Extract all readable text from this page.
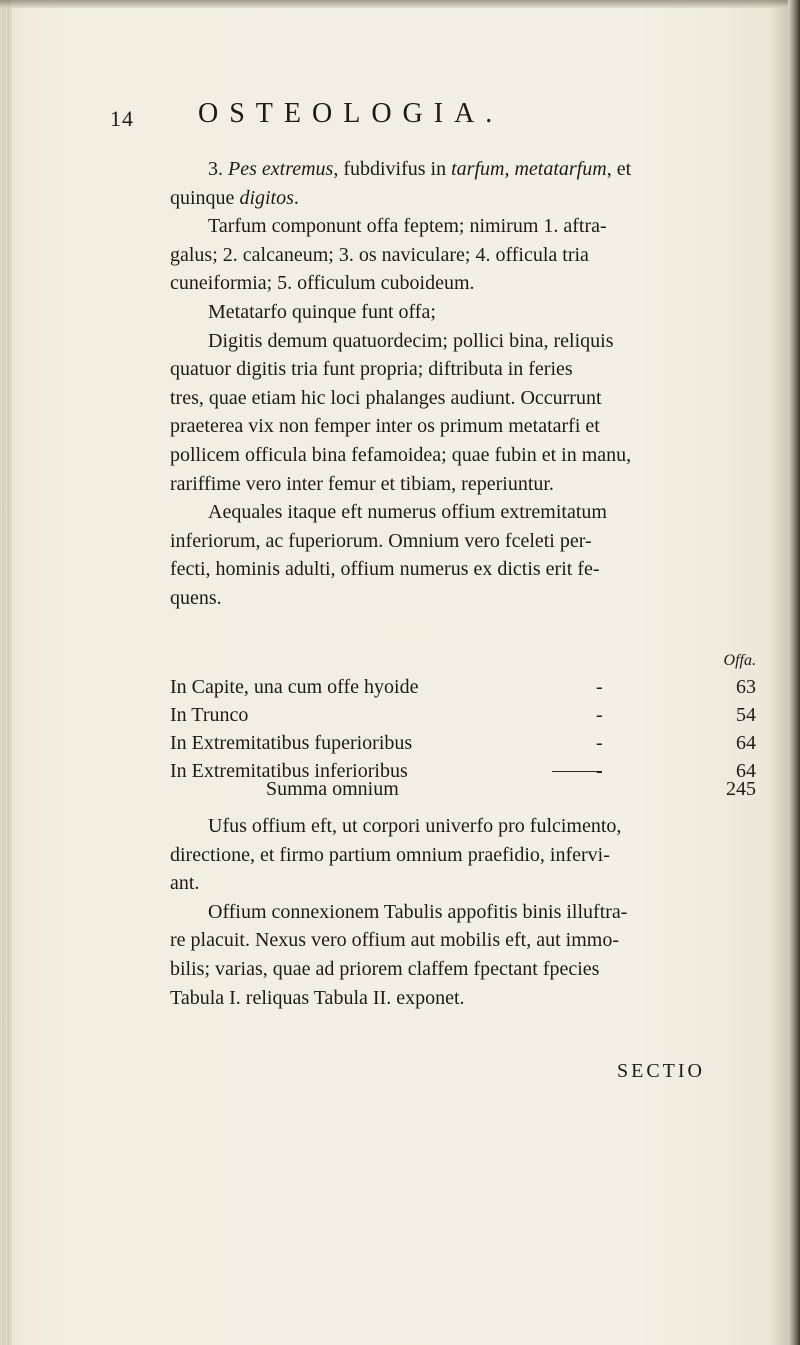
14 OSTEOLOGIA.

3. Pes extremus, fubdivifus in tarfum, metatarfum, et
quinque digitos.

Tarfum componunt offa feptem; nimirum 1. aftra-
galus; 2. calcaneum; 3. os naviculare; 4. officula tria
cuneiformia; 5. officulum cuboideum.

Metatarfo quinque funt offa;

Digitis demum quatuordecim; pollici bina, reliquis
quatuor digitis tria funt propria; diftributa in feries
tres, quae etiam hic loci phalanges audiunt. Occurrunt
praeterea vix non femper inter os primum metatarfi et
pollicem officula bina fefamoidea; quae fubin et in manu,
rariffime vero inter femur et tibiam, reperiuntur.

Aequales itaque eft numerus offium extremitatum
inferiorum, ac fuperiorum. Omnium vero fceleti per-
fecti, hominis adulti, offium numerus ex dictis erit fe-
quens.

Offa.
In Capite, una cum offe hyoide	-	63
In Trunco	-	54
In Extremitatibus fuperioribus	-	64
In Extremitatibus inferioribus	64
Summa omnium	245

Ufus offium eft, ut corpori univerfo pro fulcimento,
directione, et firmo partium omnium praefidio, infervi-
ant.

Offium connexionem Tabulis appofitis binis illuftra-
re placuit. Nexus vero offium aut mobilis eft, aut immo-
bilis; varias, quae ad priorem claffem fpectant fpecies
Tabula I. reliquas Tabula II. exponet.

SECTIO
